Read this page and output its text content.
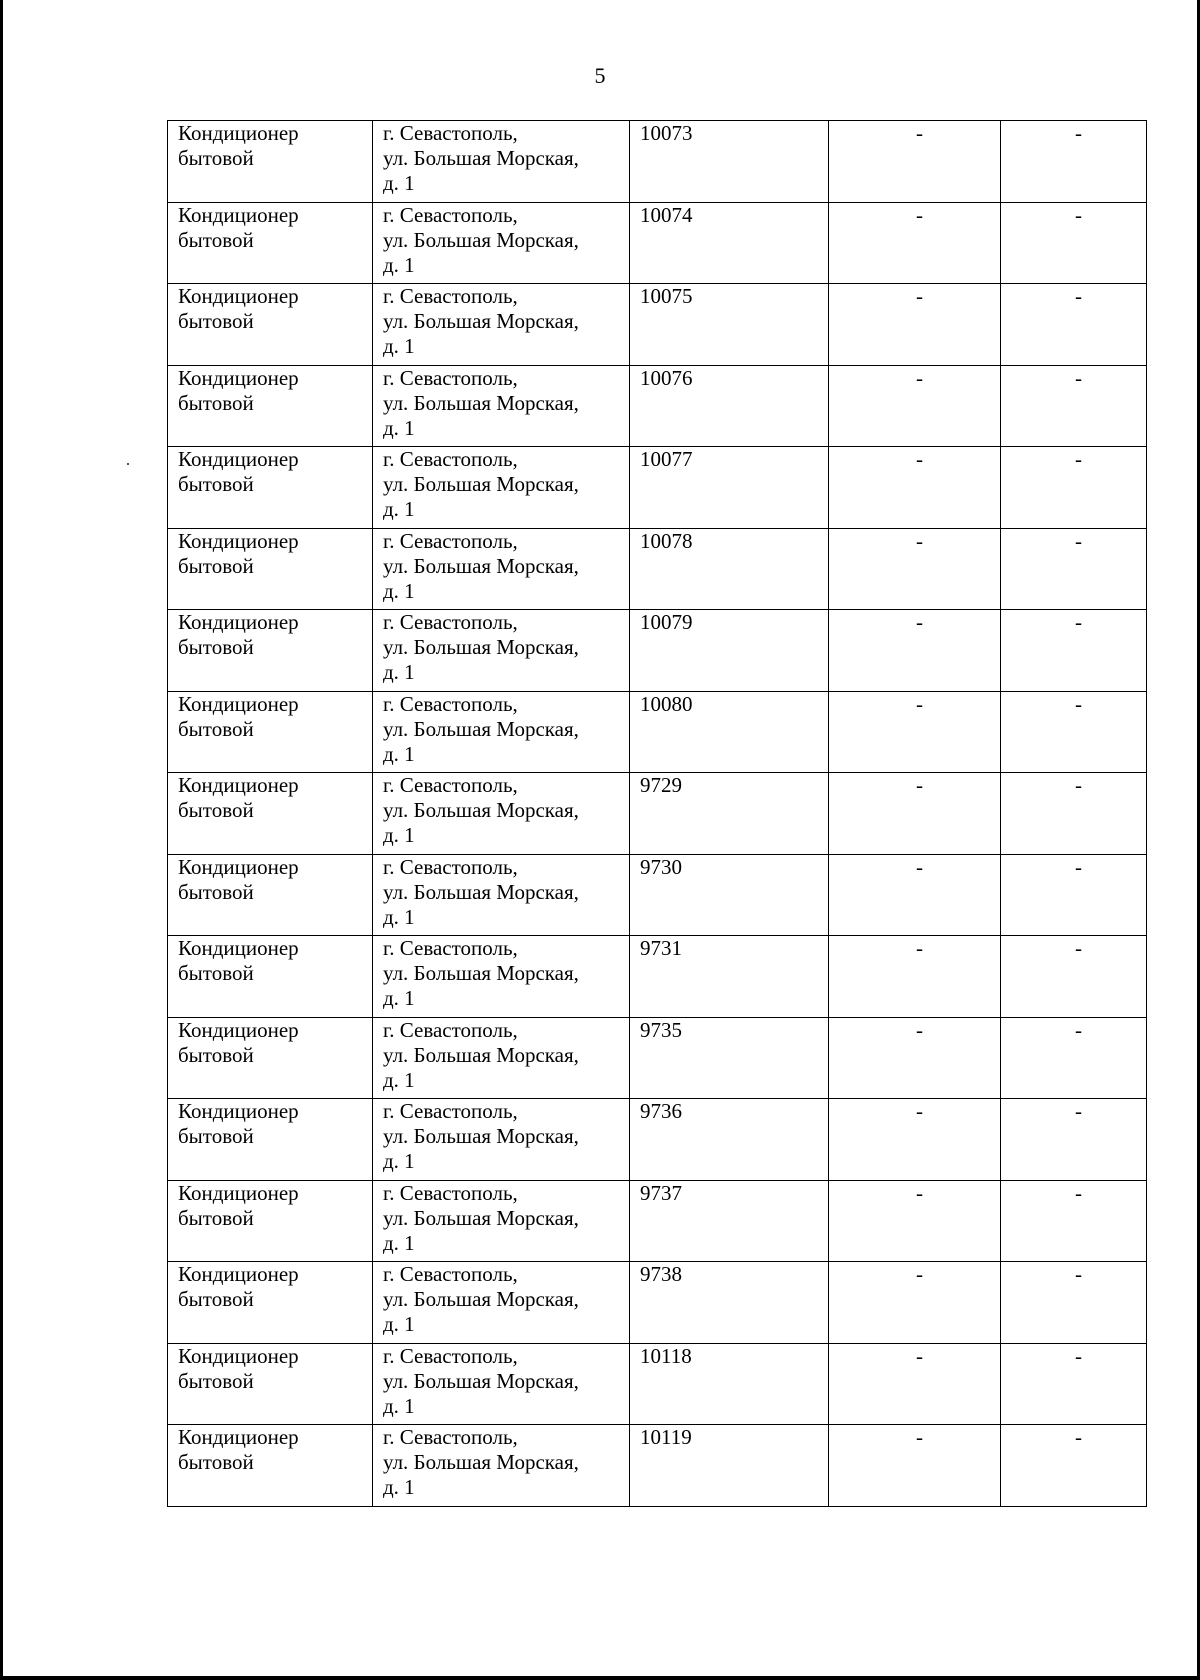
5
Кондиционер
бытовой	г. Севастополь,
ул. Большая Морская,
д. 1	10073	-	-

Кондиционер
бытовой	г. Севастополь,
ул. Большая Морская,
д. 1	10074	-	-

Кондиционер
бытовой	г. Севастополь,
ул. Большая Морская,
д. 1	10075	-	-

Кондиционер
бытовой	г. Севастополь,
ул. Большая Морская,
д. 1	10076	-	-

Кондиционер
бытовой	г. Севастополь,
ул. Большая Морская,
д. 1	10077	-	-

Кондиционер
бытовой	г. Севастополь,
ул. Большая Морская,
д. 1	10078	-	-

Кондиционер
бытовой	г. Севастополь,
ул. Большая Морская,
д. 1	10079	-	-

Кондиционер
бытовой	г. Севастополь,
ул. Большая Морская,
д. 1	10080	-	-

Кондиционер
бытовой	г. Севастополь,
ул. Большая Морская,
д. 1	9729	-	-

Кондиционер
бытовой	г. Севастополь,
ул. Большая Морская,
д. 1	9730	-	-

Кондиционер
бытовой	г. Севастополь,
ул. Большая Морская,
д. 1	9731	-	-

Кондиционер
бытовой	г. Севастополь,
ул. Большая Морская,
д. 1	9735	-	-

Кондиционер
бытовой	г. Севастополь,
ул. Большая Морская,
д. 1	9736	-	-

Кондиционер
бытовой	г. Севастополь,
ул. Большая Морская,
д. 1	9737	-	-

Кондиционер
бытовой	г. Севастополь,
ул. Большая Морская,
д. 1	9738	-	-

Кондиционер
бытовой	г. Севастополь,
ул. Большая Морская,
д. 1	10118	-	-

Кондиционер
бытовой	г. Севастополь,
ул. Большая Морская,
д. 1	10119	-	-
